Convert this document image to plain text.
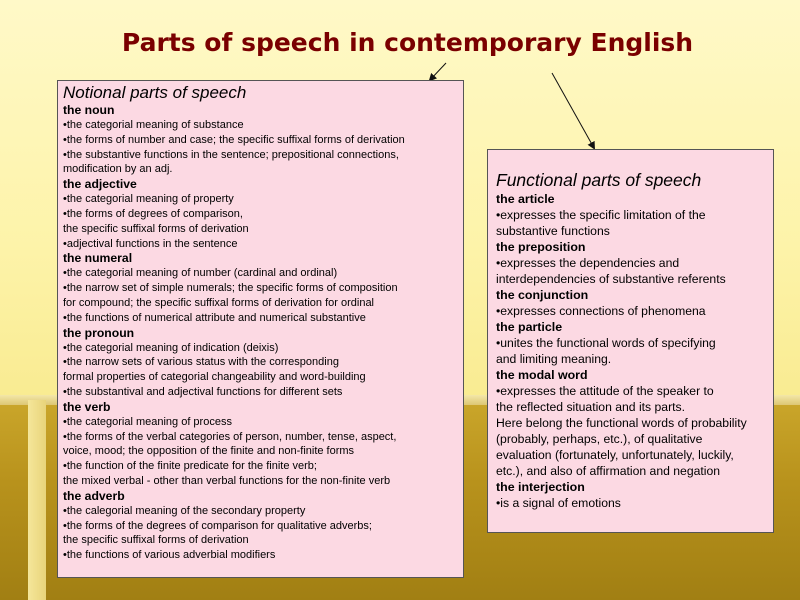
Parts of speech in contemporary English
Notional parts of speech
the noun
•the categorial meaning of substance
•the forms of number and case; the specific suffixal forms of derivation
•the substantive functions in the sentence; prepositional connections,
modification by an adj.
the adjective
•the categorial meaning of property
•the forms of degrees of comparison,
the specific suffixal forms of derivation
•adjectival functions in the sentence
the numeral
•the categorial meaning of number (cardinal and ordinal)
•the narrow set of simple numerals; the specific forms of composition
for compound; the specific suffixal forms of derivation for ordinal
•the functions of numerical attribute and numerical substantive
the pronoun
•the categorial meaning of indication (deixis)
•the narrow sets of various status with the corresponding
formal properties of categorial changeability and word-building
•the substantival and adjectival functions for different sets
the verb
•the categorial meaning of process
•the forms of the verbal categories of person, number, tense, aspect,
voice, mood; the opposition of the finite and non-finite forms
•the function of the finite predicate for the finite verb;
the mixed verbal - other than verbal functions for the non-finite verb
the adverb
•the calegorial meaning of the secondary property
•the forms of the degrees of comparison for qualitative adverbs;
the specific suffixal forms of derivation
•the functions of various adverbial modifiers
Functional parts of speech
the article
•expresses the specific limitation of the
substantive functions
the preposition
•expresses the dependencies and
interdependencies of substantive referents
the conjunction
•expresses connections of phenomena
the particle
•unites the functional words of specifying
and limiting meaning.
the modal word
•expresses the attitude of the speaker to
the reflected situation and its parts.
Here belong the functional words of probability
(probably, perhaps, etc.), of qualitative
evaluation (fortunately, unfortunately, luckily,
etc.), and also of affirmation and negation
the interjection
•is a signal of emotions
